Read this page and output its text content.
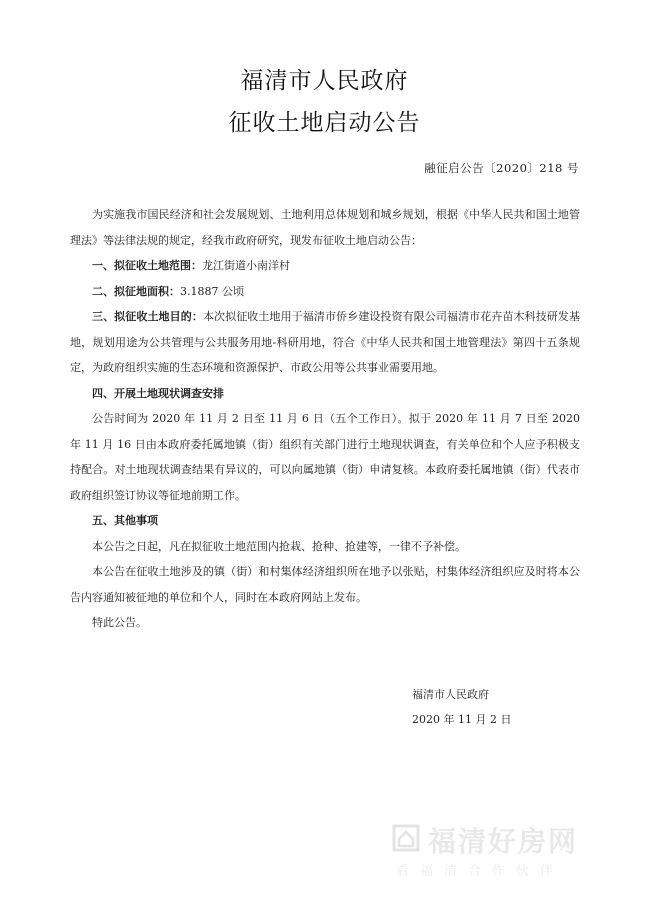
福清市人民政府
征收土地启动公告
融征启公告〔2020〕218 号

为实施我市国民经济和社会发展规划、土地利用总体规划和城乡规划，根据《中华人民共和国土地管理法》等法律法规的规定，经我市政府研究，现发布征收土地启动公告：

一、拟征收土地范围：龙江街道小南洋村

二、拟征地面积：3.1887 公顷

三、拟征收土地目的：本次拟征收土地用于福清市侨乡建设投资有限公司福清市花卉苗木科技研发基地，规划用途为公共管理与公共服务用地-科研用地，符合《中华人民共和国土地管理法》第四十五条规定，为政府组织实施的生态环境和资源保护、市政公用等公共事业需要用地。

四、开展土地现状调查安排

公告时间为 2020 年 11 月 2 日至 11 月 6 日（五个工作日）。拟于 2020 年 11 月 7 日至 2020 年 11 月 16 日由本政府委托属地镇（街）组织有关部门进行土地现状调查，有关单位和个人应予积极支持配合。对土地现状调查结果有异议的，可以向属地镇（街）申请复核。本政府委托属地镇（街）代表市政府组织签订协议等征地前期工作。

五、其他事项

本公告之日起，凡在拟征收土地范围内抢栽、抢种、抢建等，一律不予补偿。

本公告在征收土地涉及的镇（街）和村集体经济组织所在地予以张贴，村集体经济组织应及时将本公告内容通知被征地的单位和个人，同时在本政府网站上发布。

特此公告。

福清市人民政府
2020 年 11 月 2 日
福清好房网
看福清合作伙伴
